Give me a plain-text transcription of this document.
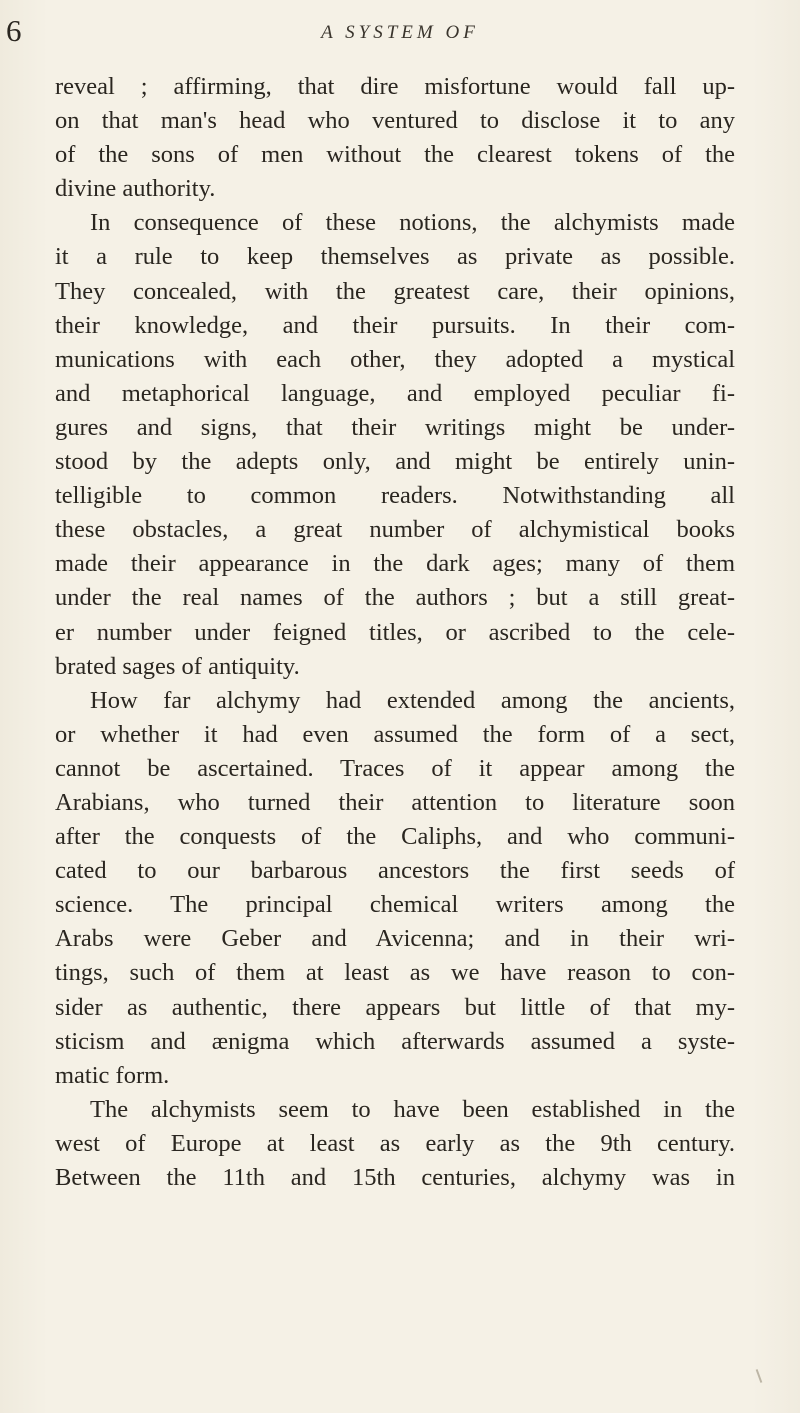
6	A SYSTEM OF
reveal ; affirming, that dire misfortune would fall up-
on that man's head who ventured to disclose it to any
of the sons of men without the clearest tokens of the
divine authority.
In consequence of these notions, the alchymists made
it a rule to keep themselves as private as possible.
They concealed, with the greatest care, their opinions,
their knowledge, and their pursuits. In their com-
munications with each other, they adopted a mystical
and metaphorical language, and employed peculiar fi-
gures and signs, that their writings might be under-
stood by the adepts only, and might be entirely unin-
telligible to common readers. Notwithstanding all
these obstacles, a great number of alchymistical books
made their appearance in the dark ages; many of them
under the real names of the authors ; but a still great-
er number under feigned titles, or ascribed to the cele-
brated sages of antiquity.
How far alchymy had extended among the ancients,
or whether it had even assumed the form of a sect,
cannot be ascertained. Traces of it appear among the
Arabians, who turned their attention to literature soon
after the conquests of the Caliphs, and who communi-
cated to our barbarous ancestors the first seeds of
science. The principal chemical writers among the
Arabs were Geber and Avicenna; and in their wri-
tings, such of them at least as we have reason to con-
sider as authentic, there appears but little of that my-
sticism and ænigma which afterwards assumed a syste-
matic form.
The alchymists seem to have been established in the
west of Europe at least as early as the 9th century.
Between the 11th and 15th centuries, alchymy was in
